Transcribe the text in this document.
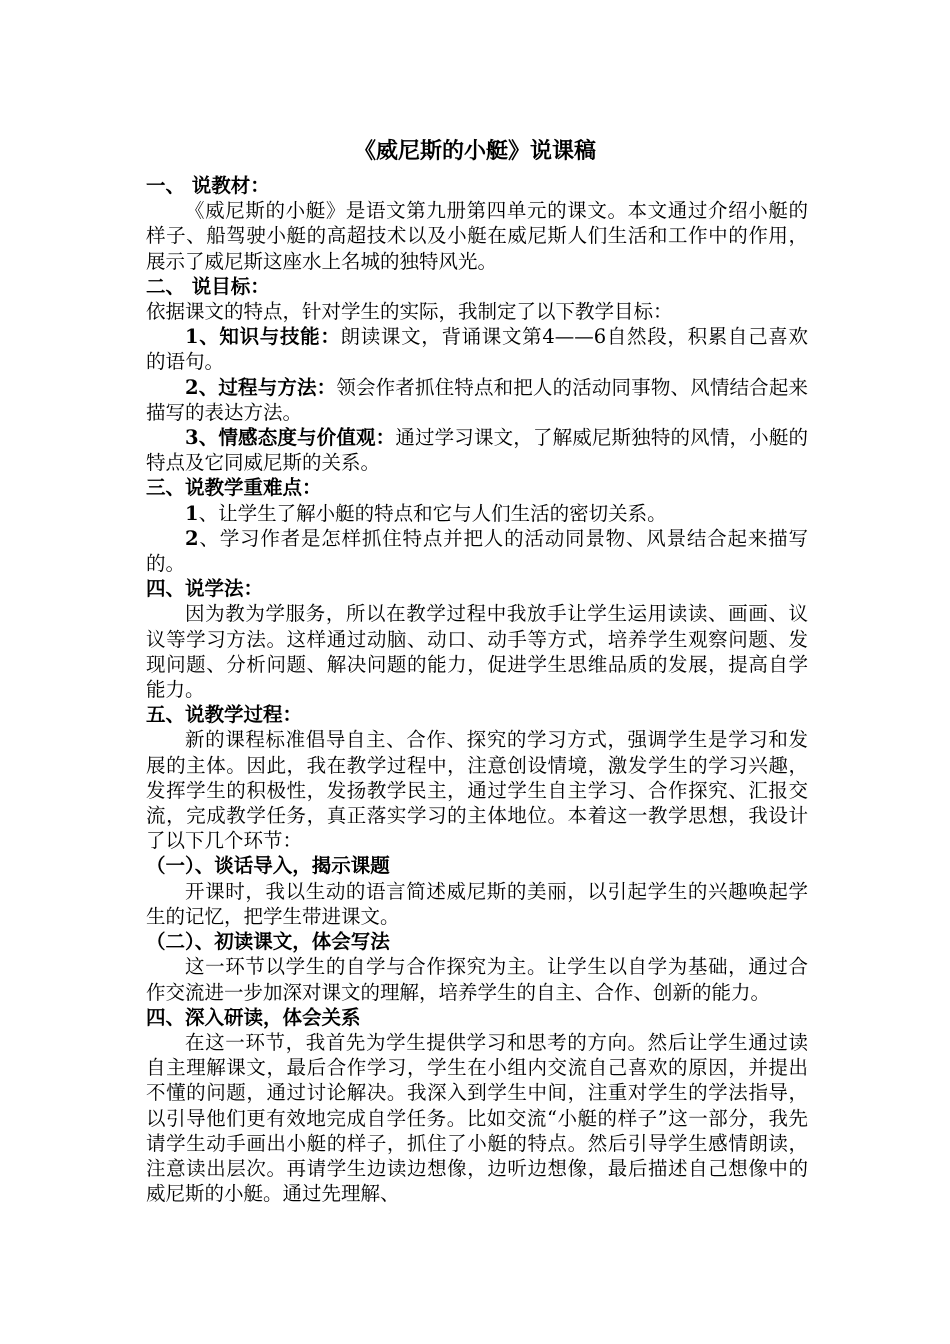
《威尼斯的小艇》说课稿

一、 说教材：

《威尼斯的小艇》是语文第九册第四单元的课文。本文通过介绍小艇的样子、船驾驶小艇的高超技术以及小艇在威尼斯人们生活和工作中的作用，展示了威尼斯这座水上名城的独特风光。

二、 说目标：

依据课文的特点，针对学生的实际，我制定了以下教学目标：

1、知识与技能：朗读课文，背诵课文第4——6自然段，积累自己喜欢的语句。

2、过程与方法：领会作者抓住特点和把人的活动同事物、风情结合起来描写的表达方法。

3、情感态度与价值观：通过学习课文，了解威尼斯独特的风情，小艇的特点及它同威尼斯的关系。

三、说教学重难点：

1、让学生了解小艇的特点和它与人们生活的密切关系。

2、学习作者是怎样抓住特点并把人的活动同景物、风景结合起来描写的。

四、说学法：

因为教为学服务，所以在教学过程中我放手让学生运用读读、画画、议议等学习方法。这样通过动脑、动口、动手等方式，培养学生观察问题、发现问题、分析问题、解决问题的能力，促进学生思维品质的发展，提高自学能力。

五、说教学过程：

新的课程标准倡导自主、合作、探究的学习方式，强调学生是学习和发展的主体。因此，我在教学过程中，注意创设情境，激发学生的学习兴趣，发挥学生的积极性，发扬教学民主，通过学生自主学习、合作探究、汇报交流，完成教学任务，真正落实学习的主体地位。本着这一教学思想，我设计了以下几个环节：

（一）、谈话导入，揭示课题

开课时，我以生动的语言简述威尼斯的美丽，以引起学生的兴趣唤起学生的记忆，把学生带进课文。

（二）、初读课文，体会写法

这一环节以学生的自学与合作探究为主。让学生以自学为基础，通过合作交流进一步加深对课文的理解，培养学生的自主、合作、创新的能力。

四、深入研读，体会关系

在这一环节，我首先为学生提供学习和思考的方向。然后让学生通过读自主理解课文，最后合作学习，学生在小组内交流自己喜欢的原因，并提出不懂的问题，通过讨论解决。我深入到学生中间，注重对学生的学法指导，以引导他们更有效地完成自学任务。比如交流“小艇的样子”这一部分，我先请学生动手画出小艇的样子，抓住了小艇的特点。然后引导学生感情朗读，注意读出层次。再请学生边读边想像，边听边想像，最后描述自己想像中的威尼斯的小艇。通过先理解、
